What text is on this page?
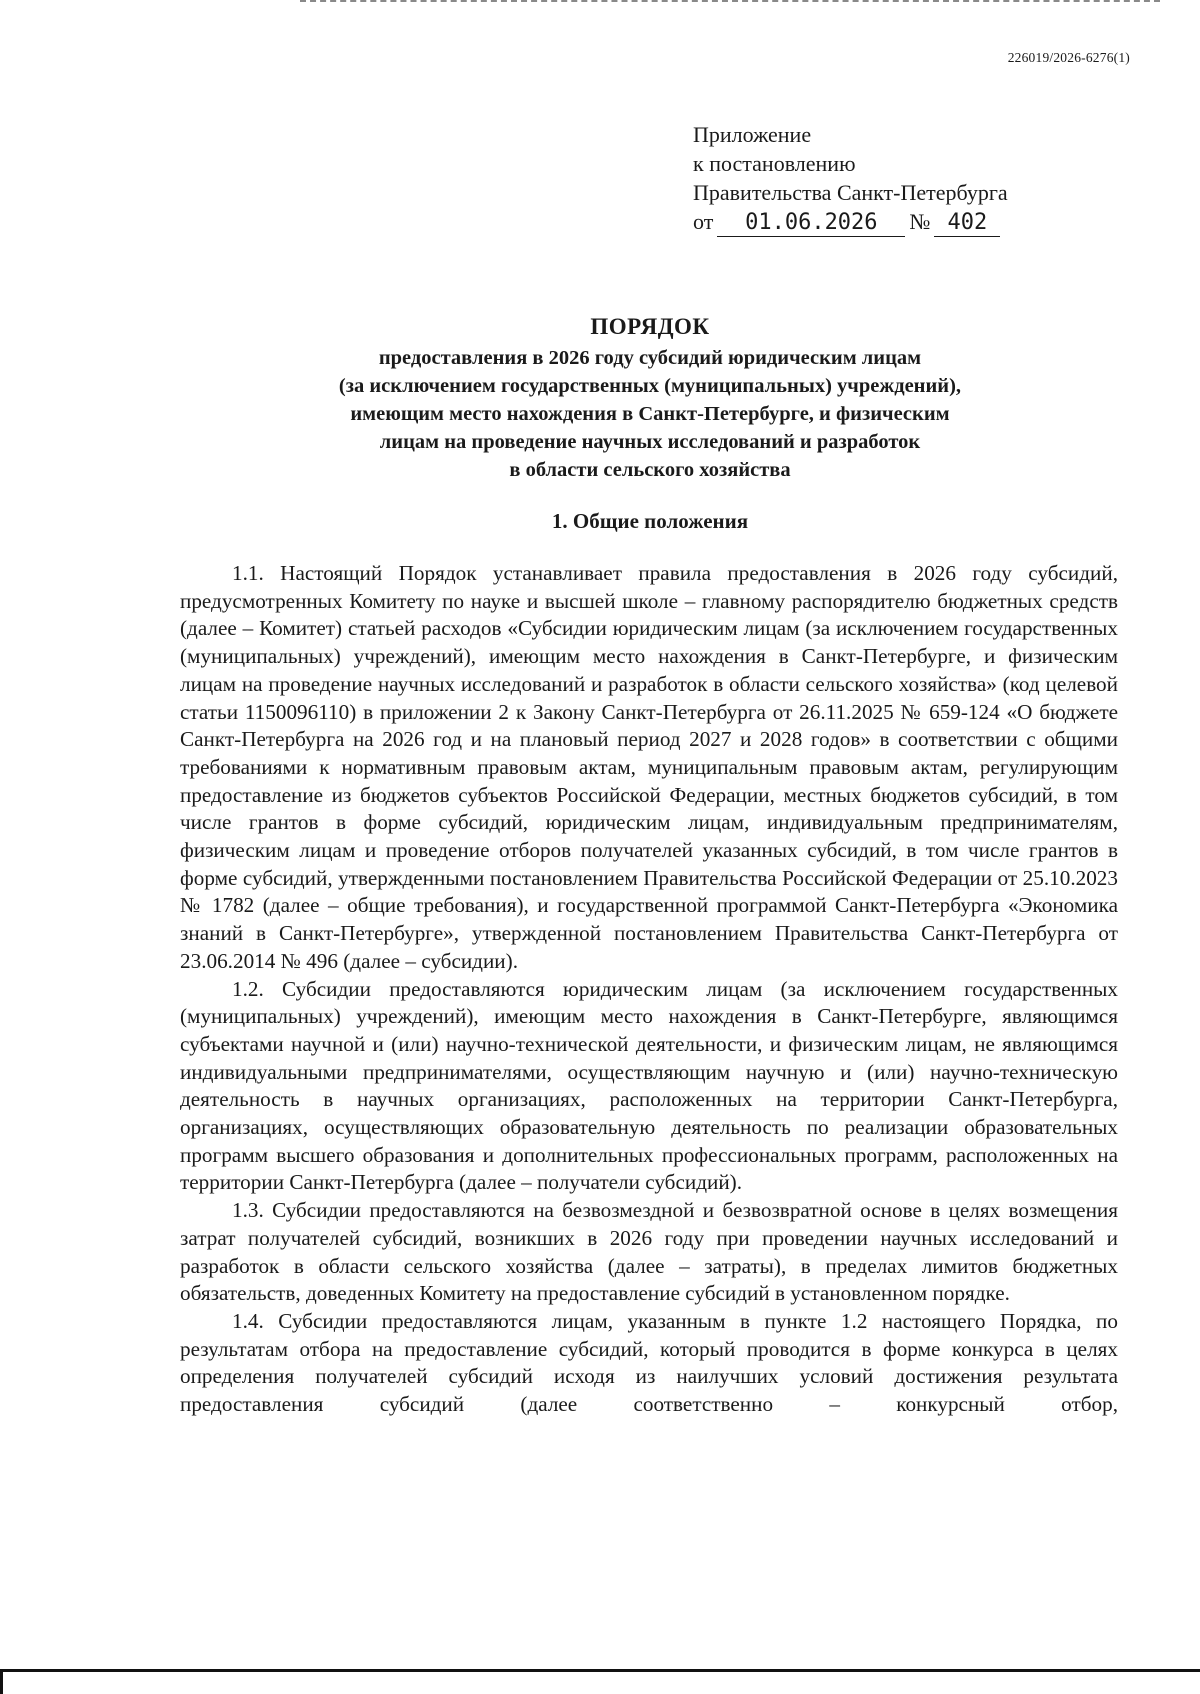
226019/2026-6276(1)
Приложение
к постановлению
Правительства Санкт-Петербурга
от 01.06.2026 № 402
ПОРЯДОК
предоставления в 2026 году субсидий юридическим лицам
(за исключением государственных (муниципальных) учреждений),
имеющим место нахождения в Санкт-Петербурге, и физическим
лицам на проведение научных исследований и разработок
в области сельского хозяйства
1. Общие положения

1.1. Настоящий Порядок устанавливает правила предоставления в 2026 году субсидий, предусмотренных Комитету по науке и высшей школе – главному распорядителю бюджетных средств (далее – Комитет) статьей расходов «Субсидии юридическим лицам (за исключением государственных (муниципальных) учреждений), имеющим место нахождения в Санкт-Петербурге, и физическим лицам на проведение научных исследований и разработок в области сельского хозяйства» (код целевой статьи 1150096110) в приложении 2 к Закону Санкт-Петербурга от 26.11.2025 № 659-124 «О бюджете Санкт-Петербурга на 2026 год и на плановый период 2027 и 2028 годов» в соответствии с общими требованиями к нормативным правовым актам, муниципальным правовым актам, регулирующим предоставление из бюджетов субъектов Российской Федерации, местных бюджетов субсидий, в том числе грантов в форме субсидий, юридическим лицам, индивидуальным предпринимателям, физическим лицам и проведение отборов получателей указанных субсидий, в том числе грантов в форме субсидий, утвержденными постановлением Правительства Российской Федерации от 25.10.2023 № 1782 (далее – общие требования), и государственной программой Санкт-Петербурга «Экономика знаний в Санкт-Петербурге», утвержденной постановлением Правительства Санкт-Петербурга от 23.06.2014 № 496 (далее – субсидии).

1.2. Субсидии предоставляются юридическим лицам (за исключением государственных (муниципальных) учреждений), имеющим место нахождения в Санкт-Петербурге, являющимся субъектами научной и (или) научно-технической деятельности, и физическим лицам, не являющимся индивидуальными предпринимателями, осуществляющим научную и (или) научно-техническую деятельность в научных организациях, расположенных на территории Санкт-Петербурга, организациях, осуществляющих образовательную деятельность по реализации образовательных программ высшего образования и дополнительных профессиональных программ, расположенных на территории Санкт-Петербурга (далее – получатели субсидий).

1.3. Субсидии предоставляются на безвозмездной и безвозвратной основе в целях возмещения затрат получателей субсидий, возникших в 2026 году при проведении научных исследований и разработок в области сельского хозяйства (далее – затраты), в пределах лимитов бюджетных обязательств, доведенных Комитету на предоставление субсидий в установленном порядке.

1.4. Субсидии предоставляются лицам, указанным в пункте 1.2 настоящего Порядка, по результатам отбора на предоставление субсидий, который проводится в форме конкурса в целях определения получателей субсидий исходя из наилучших условий достижения результата предоставления субсидий (далее соответственно – конкурсный отбор,
